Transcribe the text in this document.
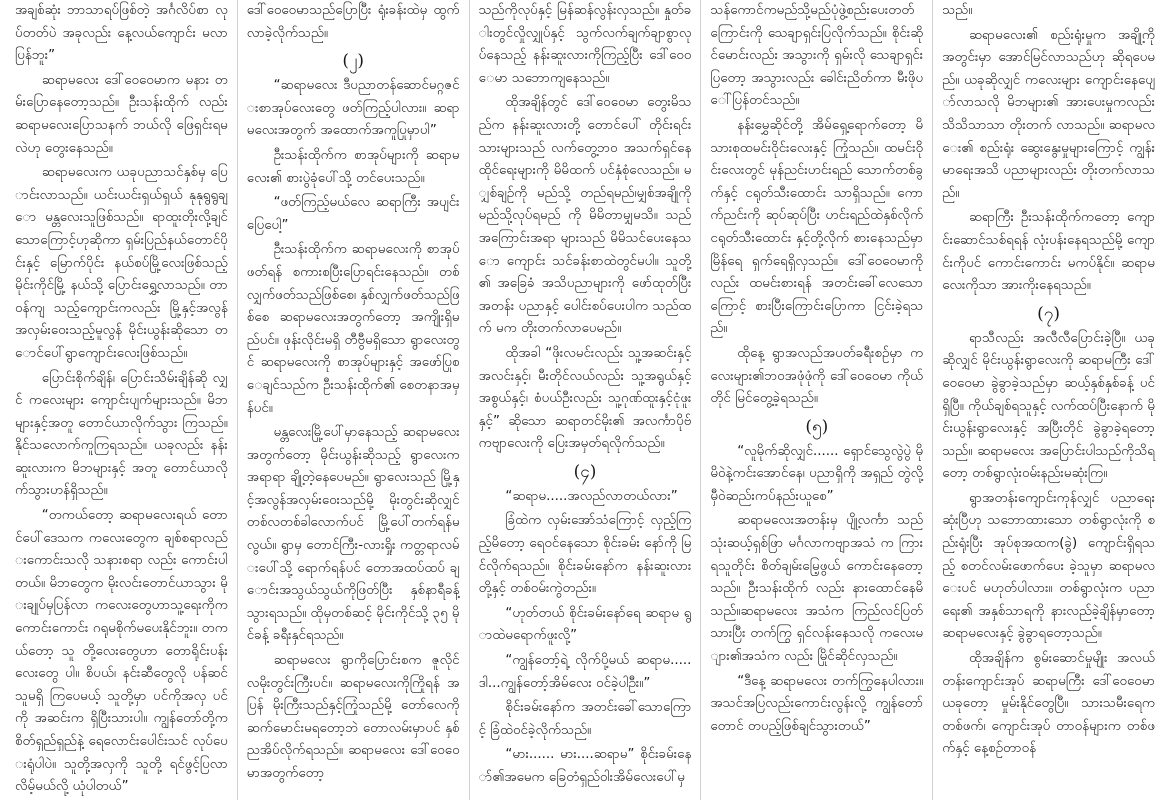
အချစ်ဆုံး ဘာသာရပ်ဖြစ်တဲ့ အင်္ဂလိပ်စာ လုပ်တတ်ပဲ အခုလည်း နေ့လယ်ကျောင်း မလာပြန်ဘူး”

ဆရာမလေး ဒေါ်ဝေဝေမာက မနား တမ်းပြောနေတော့သည်။ ဦးသန်းထိုက် လည်း ဆရာမလေးပြောသနက် ဘယ်လို ဖြေရှင်းရမလဲဟု တွေးနေသည်။

ဆရာမလေးက ယခုပညာသင်နှစ်မှ ပြောင်းလာသည်။ ယင်းယင်းရှယ်ရှယ် နုနုရွရွချော မန္တလေးသူဖြစ်သည်။ ရာထူးတိုးလို့ချင်သောကြောင့်ဟုဆိုကာ ရှမ်းပြည်နယ်တောင်ပိုင်းနှင့် မြောက်ပိုင်း နယ်စပ်မြို့လေးဖြစ်သည့် မိုင်းကိုင်မြို့ နယ်သို့ ပြောင်းရွှေ့လာသည်။ တာဝန်ကျ သည့်ကျောင်းကလည်း မြို့နှင့်အလွန် အလှမ်းဝေးသည့်မူလွန် မိုင်းယွန်းဆိုသော တောင်ပေါ်ရွာကျောင်းလေးဖြစ်သည်။

ပြောင်းစိုက်ချိန်၊ ပြောင်းသိမ်းချိန်ဆို လျှင် ကလေးများ ကျောင်းပျက်များသည်။ မိဘများနှင့်အတူ တောင်ယာလိုက်သွား ကြသည်။ နိုင်သလောက်ကူကြရသည်။ ယခုလည်း နန်းဆူးလားက မိဘများနှင့် အတူ တောင်ယာလိုက်သွားဟန်ရှိသည်။

“တကယ်တော့ ဆရာမလေးရယ် တောင်ပေါ်ဒေသက ကလေးတွေက ချစ်စရာလည်းကောင်းသလို သနားစရာ လည်း ကောင်းပါတယ်။ မိဘတွေက မိုးလင်းတောင်ယာသွား မိုးချုပ်မှပြန်လာ ကလေးတွေဟာသူ့ရေးကိုကကောင်းကောင်း ဂရုမစိုက်မပေးနိုင်ဘူး။ တကယ်တော့ သူ တို့လေးတွေဟာ တောရိုင်းပန်းလေးတွေ ပါ။ စိပယ်၊ နင်းဆီတွေလို ပန်ဆင်သူမရှိ ကြပေမယ့် သူတို့မှာ ပင်ကိုအလှ ပင်ကို အဆင်းက ရှိပြီးသားပါ။ ကျွန်တော်တို့က စိတ်ရှည်ရှည်နဲ့ ရေလောင်းပေါင်းသင် လုပ်ပေးရုံပါပဲ။ သူတို့အလှကို သူတို့ ရင်ဖွင့်ပြလာလိမ့်မယ်လို့ ယုံပါတယ်”

ဒေါ်ဝေဝေမာသည်ပြောပြီး ရုံးခန်းထဲမှ ထွက်လာခဲ့လိုက်သည်။

(၂)

“ဆရာမလေး ဒီပညာတန်ဆောင်မဂ္ဂဇင်းစာအုပ်လေးတွေ ဖတ်ကြည့်ပါလား။ ဆရာမလေးအတွက် အထောက်အကူပြုမှာပါ”

ဦးသန်းထိုက်က စာအုပ်များကို ဆရာမလေး၏ စားပွဲခုံပေါ်သို့ တင်ပေးသည်။

“ဖတ်ကြည့်မယ်လေ ဆရာကြီး အပျင်းပြေပေါ့”

ဦးသန်းထိုက်က ဆရာမလေးကို စာအုပ်ဖတ်ရန် စကားစပြီးပြောရင်းနေသည်။ တစ်လျှက်ဖတ်သည်ဖြစ်စေ၊ နှစ်လျှက်ဖတ်သည်ဖြစ်စေ ဆရာမလေးအတွက်တော့ အကျိုးရှိမည်ပင်။ ဖုန်းလိုင်းမရှိ တီဗွီမရှိသော ရွာလေးတွင် ဆရာမလေးကို စာအုပ်များနှင့် အဖော်ပြုစေချင်သည်က ဦးသန်းထိုက်၏ စေတနာအမှန်ပင်။

မန္တလေးမြို့ပေါ်မှာနေသည့် ဆရာမလေးအတွက်တော့ မိုင်းယွန်းဆိုသည့် ရွာလေးက အရာရာ ချို့တဲ့နေပေမည်။ ရွာလေးသည် မြို့နှင့်အလွန်အလှမ်းဝေးသည်မို့ မိုးတွင်းဆိုလျှင် တစ်လတစ်ခါလောက်ပင် မြို့ပေါ်တက်ရန်မလွယ်။ ရွာမှ တောင်ကြီး-လားရှိုး ကတ္တရာလမ်းပေါ်သို့ ရောက်ရန်ပင် တောအထပ်ထပ် ချောင်းအသွယ်သွယ်ကိုဖြတ်ပြီး နှစ်နာရီခန့် သွားရသည်။ ထိုမှတစ်ဆင့် မိုင်းကိုင်သို့ ၃၅ မိုင်ခန့် ခရီးနှင်ရသည်။

ဆရာမလေး ရွာကိုပြောင်းစက ဇူလိုင်လမိုးတွင်းကြီးပင်။ ဆရာမလေးကိုကြိုရန် အပြန် မိုးကြီးသည်နှင့်ကြုံသည်မို့ တော်လေကို ဆက်မောင်းမရတော့ဘဲ တောလမ်းမှာပင် နှစ်ညအိပ်လိုက်ရသည်။ ဆရာမလေး ဒေါ်ဝေဝေမာအတွက်တော့

သည်ကိုလုပ်နှင့် မြန်ဆန်လွန်းလှသည်။ နှုတ်ခါးတွင်လှိုလျှုပ်နှင့် သွက်လက်ချက်ချာစွာလုပ်နေသည့် နန်းဆူးလားကိုကြည့်ပြီး ဒေါ်ဝေဝေမာ သဘောကျနေသည်။

ထိုအချိန်တွင် ဒေါ်ဝေဝေမာ တွေးမိသည်က နန်းဆူးလားတို့ တောင်ပေါ် တိုင်းရင်းသားများသည် လက်တွေ့ဘဝ အသက်ရှင်နေထိုင်ရေးများကို မိမိထက် ပင်နှံစုံလေသည်။ မျှစ်ချဉ်ကို မည်သို့ တည်ရမည်၊မျှစ်အချိုကို မည်သို့လုပ်ရမည် ကို မိမိတာမျှမသိ။ သည်အကြောင်းအရာ များသည် မိမိသင်ပေးနေသော ကျောင်း သင်ခန်းစာထဲတွင်မပါ။ သူတို့၏ အခြေခံ အသိပညာများကို ဖော်ထုတ်ပြီး အတန်း ပညာနှင့် ပေါင်းစပ်ပေးပါက သည်ထက် မက တိုးတက်လာပေမည်။

ထိုအခါ “ဖိုးလမင်းလည်း သူ့အဆင်းနှင့် အလင်းနှင့်၊ မီးတိုင်လယ်လည်း သူ့အရွယ်နှင့်အစွယ်နှင့်၊ စံပယ်ဦးလည်း သူ့ဂုဏ်ထူးနှင့်ငုံဖူးနှင့်” ဆိုသော ဆရာတင်မိုး၏ အလင်္ကာပိုဗ်ကဗျာလေးကို ပြေးအမှတ်ရလိုက်သည်။

(၄)

“ဆရာမ.....အလည်လာတယ်လား”

ခြံထဲက လှမ်းအော်သံကြောင့် လှည့်ကြည့်မိတော့ ရေဝင်နေသော စိုင်းခမ်း နော်ကို မြင်လိုက်ရသည်။ စိုင်းခမ်းနော်က နန်းဆူးလားတို့နှင့် တစ်ဝမ်းကွဲတည်း။

“ဟုတ်တယ် စိုင်းခမ်းနော်ရေ ဆရာမ ရွာထဲမရောက်ဖူးလို့”

“ကျွန်တော့်ရဲ့ လိုက်ပို့မယ် ဆရာမ..... ဒါ...ကျွန်တော့်အိမ်လေး ဝင်ခဲ့ပါဦး။”

စိုင်းခမ်းနော်က အတင်းခေါ်သောကြောင့် ခြံထဲဝင်ခဲ့လိုက်သည်။

“မား...... မား....ဆရာမ” စိုင်းခမ်းနော်၏အမေက ခြေတံရှည်ဝါးအိမ်လေးပေါ်မှ

သန်ကောင်ကမည်သို့မည်ပုံဖွဲ့စည်းပေးတတ်ကြောင်းကို သေချာရှင်းပြလိုက်သည်။ စိုင်းဆိုင်မောင်းလည်း အသွားကို ရှမ်းလို သေချာရှင်းပြတော့ အသွားလည်း ခေါင်းညိတ်ကာ မီးဖိုပေါ်ပြန်တင်သည်။

နန်းမွှေဆိုင်တို့ အိမ်ရှေ့ရောက်တော့ မိသားစုထမင်းဝိုင်းလေးနှင့် ကြုံသည်။ ထမင်းဝိုင်းလေးတွင် မုန်ညင်းဟင်းရည် သောက်တစ်ခွက်နှင့် ငရုတ်သီးထောင်း သာရှိသည်။ ကောက်ညင်းကို ဆုပ်ဆုပ်ပြီး ဟင်းရည်ထဲနှစ်လိုက် ငရုတ်သီးထောင်း နှင့်တို့လိုက် စားနေသည်မှာ မြိန်ရေ ရှက်ရေရှိလှသည်။ ဒေါ်ဝေဝေမာကိုလည်း ထမင်းစားရန် အတင်းခေါ်လေသော ကြောင့် စားပြီးကြောင်းပြောကာ ငြင်းခဲ့ရသည်။

ထိုနေ့ ရွာအလည်အပတ်ခရီးစဉ်မှာ ကလေးများ၏ဘဝအဖုံဖုံကို ဒေါ်ဝေဝေမာ ကိုယ်တိုင် မြင်တွေ့ခဲ့ရသည်။

(၅)

“လူမိုက်ဆိုလျှင်...... ရှောင်သွေလွဲပွဲ မိုမိဝဲနဲ့ကင်းအောင်နေ၊ ပညာရှိကို အရှည် တွဲလို့ မှီဝဲဆည်းကပ်နည်းယူစေ”

ဆရာမလေးအတန်းမှ ပျို့လင်္ကာ သည် သုံးဆယ့်ရှစ်ဖြာ မင်္ဂလာကဗျာအသံ က ကြားရသူတိုင်း စိတ်ချမ်းမြေ့ဖွယ် ကောင်းနေတော့သည်။ ဦးသန်းထိုက် လည်း နားထောင်နေမိသည်။ဆရာမလေး အသံက ကြည်လင်ပြတ်သားပြီး တက်ကြွ ရှင်လန်းနေသလို ကလေးများ၏အသံက လည်း မြိုင်ဆိုင်လှသည်။

“ဒီနေ့ ဆရာမလေး တက်ကြွနေပါလား။ အသင်အပြလည်းကောင်းလွန်းလို့ ကျွန်တော်တောင် တပည့်ဖြစ်ချင်သွားတယ်”

သည်။

ဆရာမလေး၏ စည်းရုံးမှုက အချို့ကို အတွင်းမှာ အောင်မြင်လာသည်ဟု ဆိုရပေမည်။ ယခုဆိုလျှင် ကလေးများ ကျောင်းနေပျော်လာသလို မိဘများ၏ အားပေးမှုကလည်း သိသိသာသာ တိုးတက် လာသည်။ ဆရာမလေး၏ စည်းရုံး ဆွေးနွေးမှုများကြောင့် ကျွန်းမာရေးအသိ ပညာများလည်း တိုးတက်လာသည်။

ဆရာကြီး ဦးသန်းထိုက်ကတော့ ကျောင်းဆောင်သစ်ရရန် လုံးပန်းနေရသည်မို့ ကျောင်းကိုပင် ကောင်းကောင်း မကပ်နိုင်။ ဆရာမလေးကိုသာ အားကိုးနေရသည်။

(၇)

ရာသီလည်း အလီလီပြောင်းခဲ့ပြီ။ ယခုဆိုလျှင် မိုင်းယွန်းရွာလေးကို ဆရာမကြီး ဒေါ်ဝေဝေမာ ခွဲခွာခဲ့သည်မှာ ဆယ့်နှစ်နှစ်ခန့် ပင်ရှိပြီ။ ကိုယ်ချစ်ရသူနှင့် လက်ထပ်ပြီးနောက် မိုင်းယွန်းရွာလေးနှင့် အပြီးတိုင် ခွဲခွာခဲ့ရတော့သည်။ ဆရာမလေး အပြောင်းပါသည်ကိုသိရတော့ တစ်ရွာလုံးဝမ်းနည်းမဆုံးကြ။

ရွာအတန်းကျောင်းကုန်လျှင် ပညာရေးဆုံးပြီဟု သဘောထားသော တစ်ရွာလုံးကို စည်းရုံးပြီး အုပ်စုအထက(ခွဲ) ကျောင်းရှိရသည့် စတင်လမ်းဖောက်ပေး ခဲ့သူမှာ ဆရာမလေးပင် မဟုတ်ပါလား။ တစ်ရွာလုံးက ပညာရေး၏ အနှစ်သာရကို နားလည်ခဲ့ချိန်မှာတော့ ဆရာမလေးနှင့် ခွဲခွာရတော့သည်။

ထိုအချိန်က စွမ်းဆောင်မှုမျိုး အလယ်တန်းကျောင်းအုပ် ဆရာမကြီး ဒေါ်ဝေဝေမာ ယခုတော့ မှုမ်းနိုင်တွေပြီ။ သားသမီးရေက တစ်ဖက်၊ ကျောင်းအုပ် တာဝန်များက တစ်ဖက်နှင့် နေ့စဉ်တာဝန်
